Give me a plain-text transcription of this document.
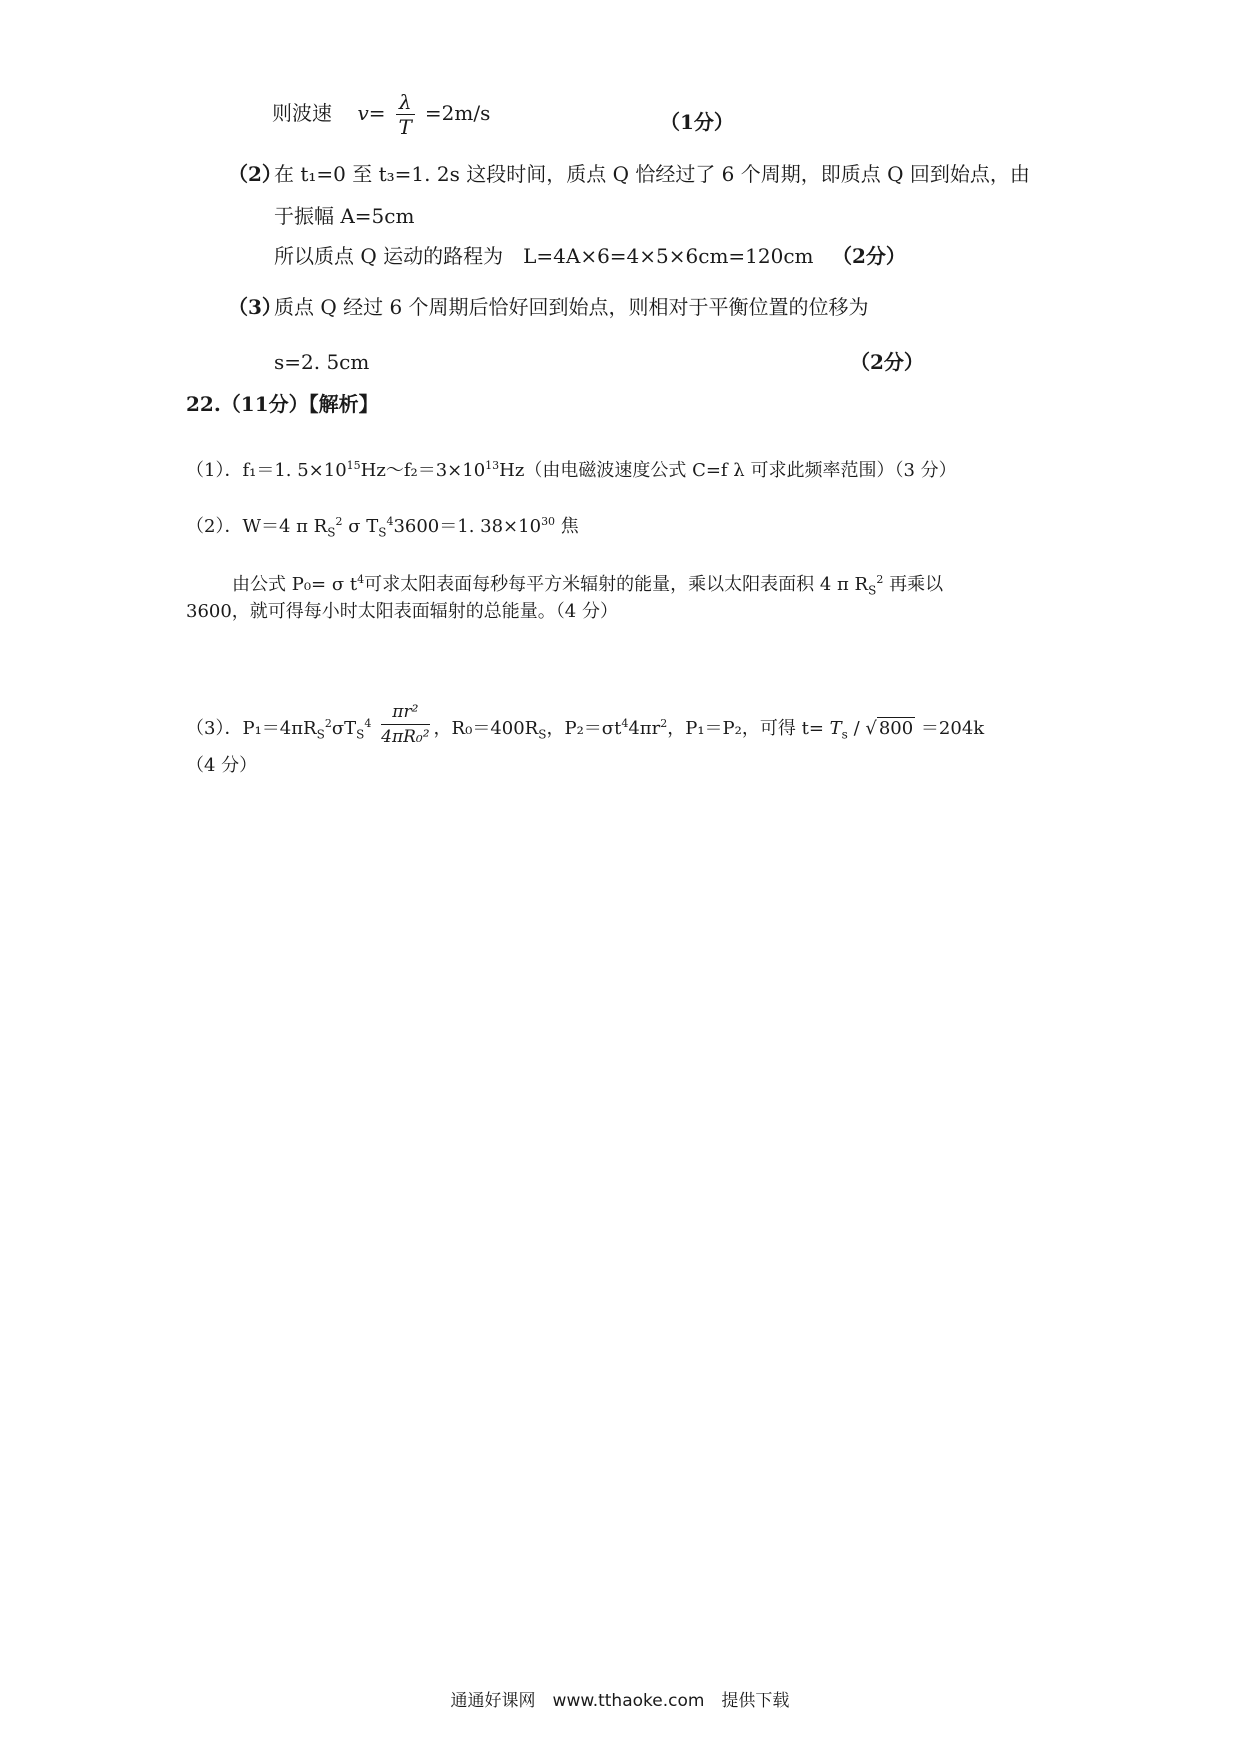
则波速 $v= \frac{\lambda}{T} =2m/s$	（1分）
（2）
在 t₁=0 至 t₃=1. 2s 这段时间，质点 Q 恰经过了 6 个周期，即质点 Q 回到始点，由
于振幅 A=5cm
所以质点 Q 运动的路程为　L=4A×6=4×5×6cm=120cm （2分）
（3）
质点 Q 经过 6 个周期后恰好回到始点，则相对于平衡位置的位移为
s=2. 5cm	（2分）
22.（11分）【解析】
（1）．f₁＝1. $5\times 10^{15}Hz\sim f_2=3\times 10^{13}Hz$（由电磁波速度公式 C=f λ 可求此频率范围）（3 分）
（2）．W＝4 π $R_S^2$ σ $T_S^43600=1$. $38\times 10^{30}$ 焦
由公式 P₀= σ $t^4$可求太阳表面每秒每平方米辐射的能量，乘以太阳表面积 4 π $R_S^2$ 再乘以
3600，就可得每小时太阳表面辐射的总能量。（4 分）
（3）．$P_1=4\pi R_S^2\sigma T_S^4 \frac{\text{πr²}}{\text{4πR₀²}}$ ，$R_0=400R_S$，$P_2=\sigma t^44\pi r^2$，P₁＝P₂，可得 $t= T_s$ / √ 800 ＝204k
（4 分）
通通好课网　www.tthaoke.com　提供下载
